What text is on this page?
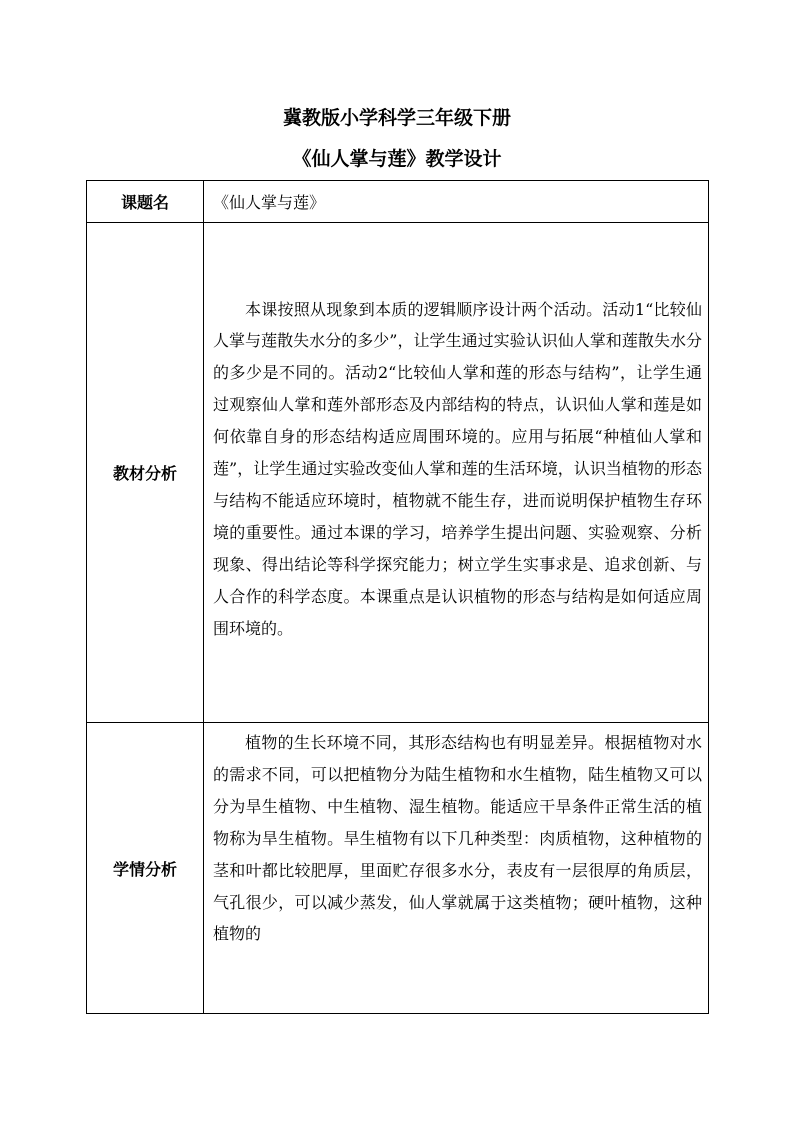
冀教版小学科学三年级下册
《仙人掌与莲》教学设计
课题名	《仙人掌与莲》
教材分析	本课按照从现象到本质的逻辑顺序设计两个活动。活动1“比较仙人掌与莲散失水分的多少”，让学生通过实验认识仙人掌和莲散失水分的多少是不同的。活动2“比较仙人掌和莲的形态与结构”，让学生通过观察仙人掌和莲外部形态及内部结构的特点，认识仙人掌和莲是如何依靠自身的形态结构适应周围环境的。应用与拓展“种植仙人掌和莲”，让学生通过实验改变仙人掌和莲的生活环境，认识当植物的形态与结构不能适应环境时，植物就不能生存，进而说明保护植物生存环境的重要性。通过本课的学习，培养学生提出问题、实验观察、分析现象、得出结论等科学探究能力；树立学生实事求是、追求创新、与人合作的科学态度。本课重点是认识植物的形态与结构是如何适应周围环境的。

学情分析	植物的生长环境不同，其形态结构也有明显差异。根据植物对水的需求不同，可以把植物分为陆生植物和水生植物，陆生植物又可以分为旱生植物、中生植物、湿生植物。能适应干旱条件正常生活的植物称为旱生植物。旱生植物有以下几种类型：肉质植物，这种植物的茎和叶都比较肥厚，里面贮存很多水分，表皮有一层很厚的角质层，气孔很少，可以减少蒸发，仙人掌就属于这类植物；硬叶植物，这种植物的
